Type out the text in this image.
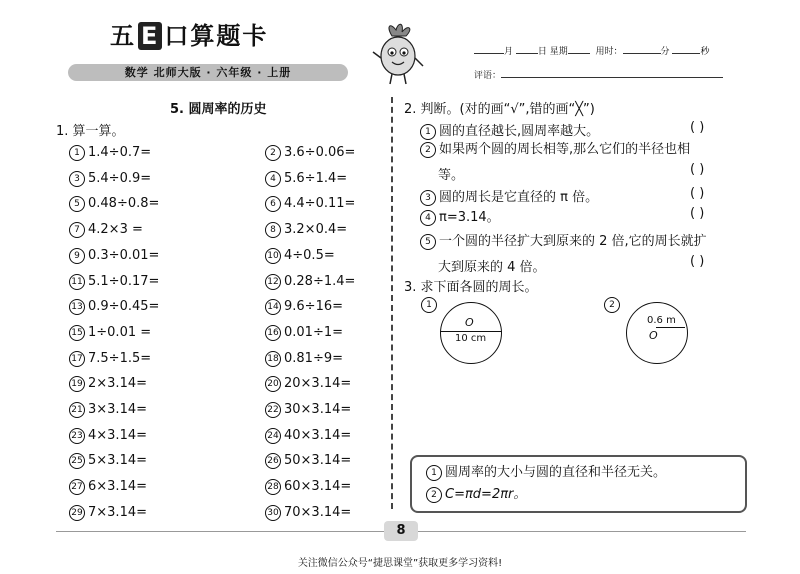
五 E 口算题卡
数学 北师大版 · 六年级 · 上册
月	日 星期	用时：	分	秒
评语：
5. 圆周率的历史
1. 算一算。
1 1.4÷0.7=	2 3.6÷0.06=
3 5.4÷0.9=	4 5.6÷1.4=
5 0.48÷0.8=	6 4.4÷0.11=
7 4.2×3 =	8 3.2×0.4=
9 0.3÷0.01=	10 4÷0.5=
11 5.1÷0.17=	12 0.28÷1.4=
13 0.9÷0.45=	14 9.6÷16=
15 1÷0.01 =	16 0.01÷1=
17 7.5÷1.5=	18 0.81÷9=
19 2×3.14=	20 20×3.14=
21 3×3.14=	22 30×3.14=
23 4×3.14=	24 40×3.14=
25 5×3.14=	26 50×3.14=
27 6×3.14=	28 60×3.14=
29 7×3.14=	30 70×3.14=
2. 判断。(对的画“√”,错的画“╳”)
1 圆的直径越长,圆周率越大。	( )
2 如果两个圆的周长相等,那么它们的半径也相
等。	( )
3 圆的周长是它直径的 π 倍。	( )
4 π=3.14。	( )
5 一个圆的半径扩大到原来的 2 倍,它的周长就扩
大到原来的 4 倍。	( )
3. 求下面各圆的周长。
1
O
10 cm
2
0.6 m
O
1 圆周率的大小与圆的直径和半径无关。
2 C=πd=2πr。
8
关注微信公众号“捷思课堂”获取更多学习资料!
